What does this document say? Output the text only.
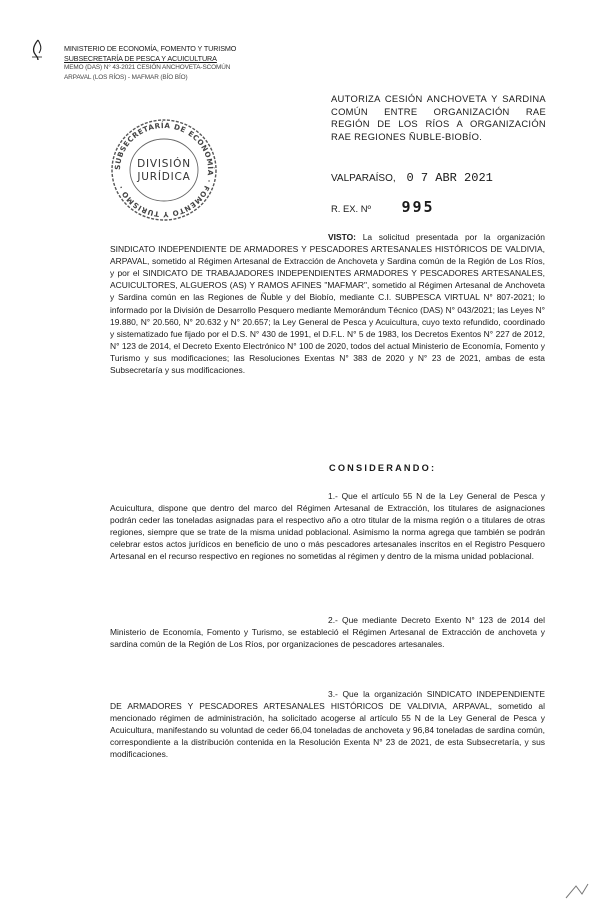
MINISTERIO DE ECONOMÍA, FOMENTO Y TURISMO
SUBSECRETARÍA DE PESCA Y ACUICULTURA
MEMO (DAS) N° 43-2021 CESIÓN ANCHOVETA-SCOMÚN
ARPAVAL (LOS RÍOS) - MAFMAR (BÍO BÍO)
SUBSECRETARÍA DE ECONOMÍA · FOMENTO Y TURISMO ·
DIVISIÓN
JURÍDICA
AUTORIZA CESIÓN ANCHOVETA Y SARDINA COMÚN ENTRE ORGANIZACIÓN RAE REGIÓN DE LOS RÍOS A ORGANIZACIÓN RAE REGIONES ÑUBLE-BIOBÍO.
VALPARAÍSO, 0 7 ABR 2021
R. EX. Nº 995
VISTO: La solicitud presentada por la organización SINDICATO INDEPENDIENTE DE ARMADORES Y PESCADORES ARTESANALES HISTÓRICOS DE VALDIVIA, ARPAVAL, sometido al Régimen Artesanal de Extracción de Anchoveta y Sardina común de la Región de Los Ríos, y por el SINDICATO DE TRABAJADORES INDEPENDIENTES ARMADORES Y PESCADORES ARTESANALES, ACUICULTORES, ALGUEROS (AS) Y RAMOS AFINES "MAFMAR", sometido al Régimen Artesanal de Anchoveta y Sardina común en las Regiones de Ñuble y del Biobío, mediante C.I. SUBPESCA VIRTUAL N° 807-2021; lo informado por la División de Desarrollo Pesquero mediante Memorándum Técnico (DAS) N° 043/2021; las Leyes N° 19.880, N° 20.560, N° 20.632 y N° 20.657; la Ley General de Pesca y Acuicultura, cuyo texto refundido, coordinado y sistematizado fue fijado por el D.S. N° 430 de 1991, el D.F.L. N° 5 de 1983, los Decretos Exentos N° 227 de 2012, N° 123 de 2014, el Decreto Exento Electrónico N° 100 de 2020, todos del actual Ministerio de Economía, Fomento y Turismo y sus modificaciones; las Resoluciones Exentas N° 383 de 2020 y N° 23 de 2021, ambas de esta Subsecretaría y sus modificaciones.
CONSIDERANDO:
1.- Que el artículo 55 N de la Ley General de Pesca y Acuicultura, dispone que dentro del marco del Régimen Artesanal de Extracción, los titulares de asignaciones podrán ceder las toneladas asignadas para el respectivo año a otro titular de la misma región o a titulares de otras regiones, siempre que se trate de la misma unidad poblacional. Asimismo la norma agrega que también se podrán celebrar estos actos jurídicos en beneficio de uno o más pescadores artesanales inscritos en el Registro Pesquero Artesanal en el recurso respectivo en regiones no sometidas al régimen y dentro de la misma unidad poblacional.
2.- Que mediante Decreto Exento N° 123 de 2014 del Ministerio de Economía, Fomento y Turismo, se estableció el Régimen Artesanal de Extracción de anchoveta y sardina común de la Región de Los Ríos, por organizaciones de pescadores artesanales.
3.- Que la organización SINDICATO INDEPENDIENTE DE ARMADORES Y PESCADORES ARTESANALES HISTÓRICOS DE VALDIVIA, ARPAVAL, sometido al mencionado régimen de administración, ha solicitado acogerse al artículo 55 N de la Ley General de Pesca y Acuicultura, manifestando su voluntad de ceder 66,04 toneladas de anchoveta y 96,84 toneladas de sardina común, correspondiente a la distribución contenida en la Resolución Exenta N° 23 de 2021, de esta Subsecretaría, y sus modificaciones.
